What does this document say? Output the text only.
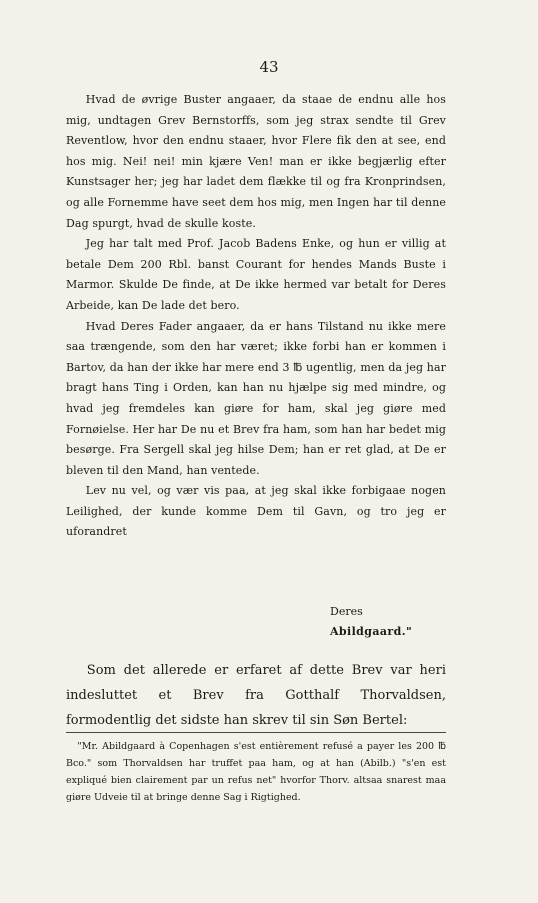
43

Hvad de øvrige Buster angaaer, da staae de endnu alle hos mig, undtagen Grev Bernstorffs, som jeg strax sendte til Grev Reventlow, hvor den endnu staaer, hvor Flere fik den at see, end hos mig. Nei! nei! min kjære Ven! man er ikke begjærlig efter Kunstsager her; jeg har ladet dem flække til og fra Kronprindsen, og alle Fornemme have seet dem hos mig, men Ingen har til denne Dag spurgt, hvad de skulle koste.

Jeg har talt med Prof. Jacob Badens Enke, og hun er villig at betale Dem 200 Rbl. banst Courant for hendes Mands Buste i Marmor. Skulde De finde, at De ikke hermed var betalt for Deres Arbeide, kan De lade det bero.

Hvad Deres Fader angaaer, da er hans Tilstand nu ikke mere saa trængende, som den har været; ikke forbi han er kommen i Bartov, da han der ikke har mere end 3 ℔ ugentlig, men da jeg har bragt hans Ting i Orden, kan han nu hjælpe sig med mindre, og hvad jeg fremdeles kan giøre for ham, skal jeg giøre med Fornøielse. Her har De nu et Brev fra ham, som han har bedet mig besørge. Fra Sergell skal jeg hilse Dem; han er ret glad, at De er bleven til den Mand, han ventede.

Lev nu vel, og vær vis paa, at jeg skal ikke forbigaae nogen Leilighed, der kunde komme Dem til Gavn, og tro jeg er uforandret

Deres
Abildgaard."

Som det allerede er erfaret af dette Brev var heri indesluttet et Brev fra Gotthalf Thorvaldsen, formodentlig det sidste han skrev til sin Søn Bertel:

"Mr. Abildgaard à Copenhagen s'est entièrement refusé a payer les 200 ℔ Bco." som Thorvaldsen har truffet paa ham, og at han (Abilb.) "s'en est expliqué bien clairement par un refus net" hvorfor Thorv. altsaa snarest maa giøre Udveie til at bringe denne Sag i Rigtighed.
